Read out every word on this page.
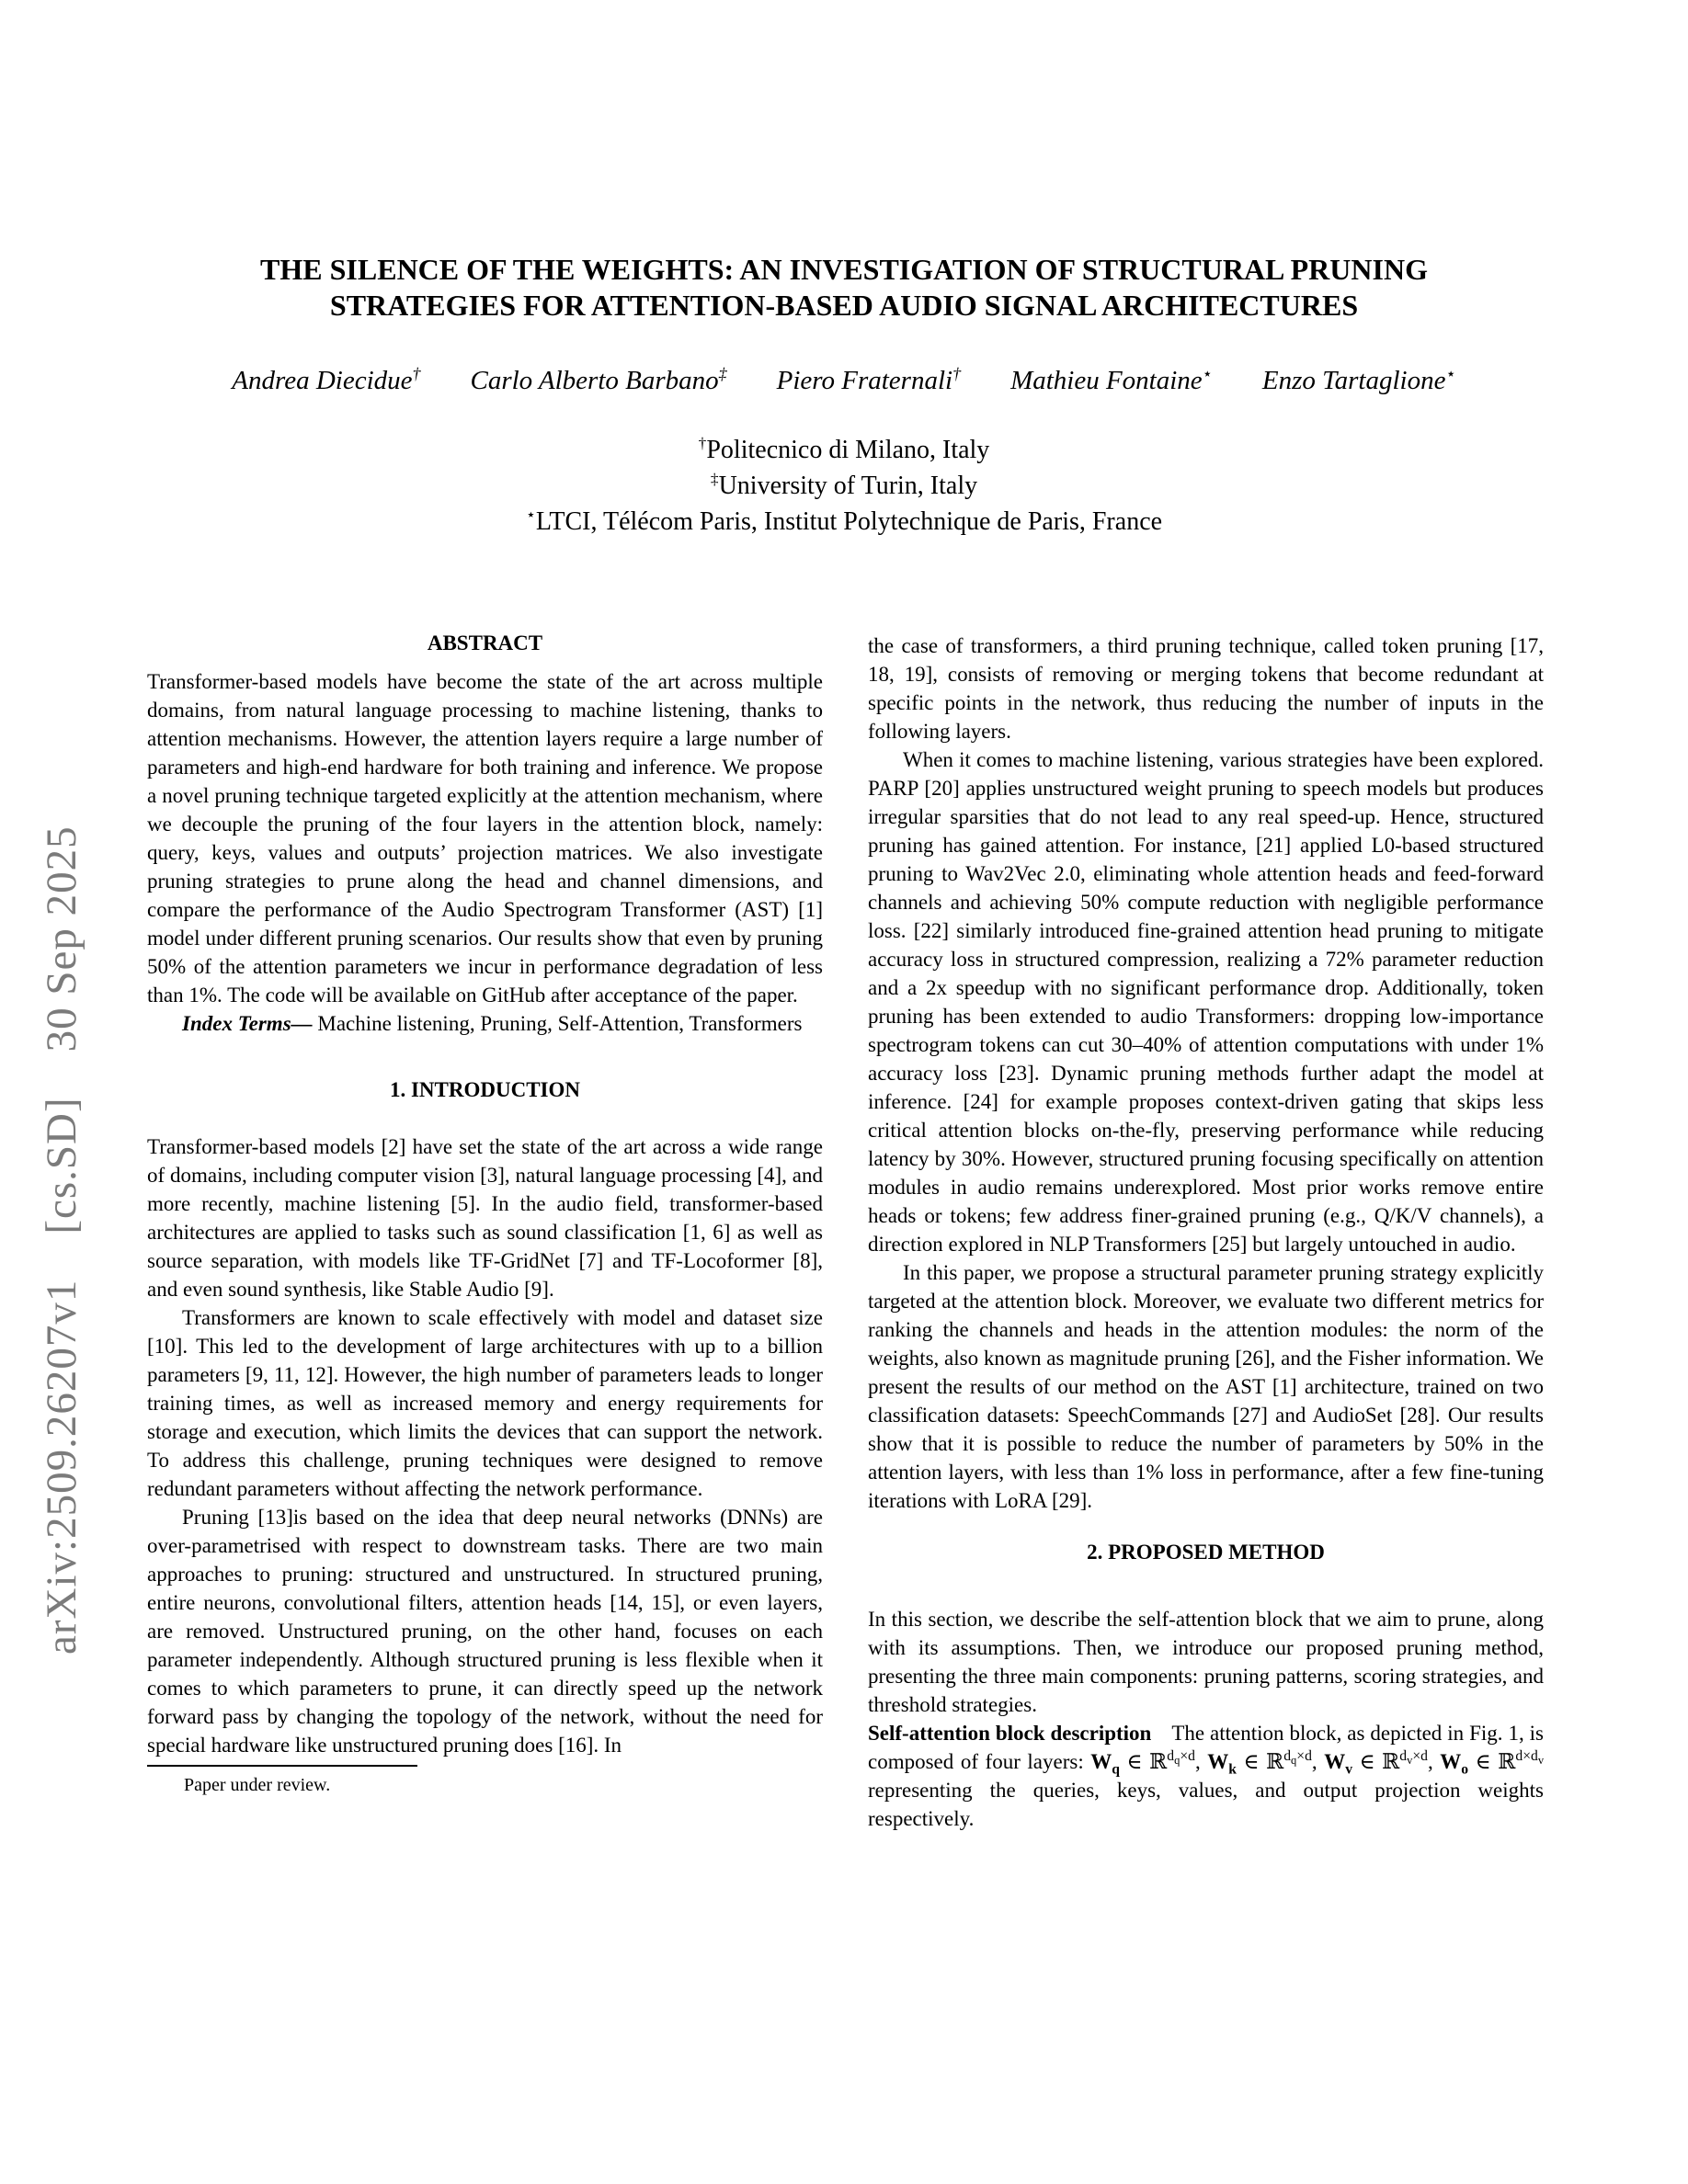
arXiv:2509.26207v1  [cs.SD]  30 Sep 2025
THE SILENCE OF THE WEIGHTS: AN INVESTIGATION OF STRUCTURAL PRUNING
STRATEGIES FOR ATTENTION-BASED AUDIO SIGNAL ARCHITECTURES
Andrea Diecidue† Carlo Alberto Barbano‡ Piero Fraternali† Mathieu Fontaine⋆ Enzo Tartaglione⋆
†Politecnico di Milano, Italy
‡University of Turin, Italy
⋆LTCI, Télécom Paris, Institut Polytechnique de Paris, France
ABSTRACT

Transformer-based models have become the state of the art across multiple domains, from natural language processing to machine listening, thanks to attention mechanisms. However, the attention layers require a large number of parameters and high-end hardware for both training and inference. We propose a novel pruning technique targeted explicitly at the attention mechanism, where we decouple the pruning of the four layers in the attention block, namely: query, keys, values and outputs’ projection matrices. We also investigate pruning strategies to prune along the head and channel dimensions, and compare the performance of the Audio Spectrogram Transformer (AST) [1] model under different pruning scenarios. Our results show that even by pruning 50% of the attention parameters we incur in performance degradation of less than 1%. The code will be available on GitHub after acceptance of the paper.

Index Terms— Machine listening, Pruning, Self-Attention, Transformers

1. INTRODUCTION

Transformer-based models [2] have set the state of the art across a wide range of domains, including computer vision [3], natural language processing [4], and more recently, machine listening [5]. In the audio field, transformer-based architectures are applied to tasks such as sound classification [1, 6] as well as source separation, with models like TF-GridNet [7] and TF-Locoformer [8], and even sound synthesis, like Stable Audio [9].

Transformers are known to scale effectively with model and dataset size [10]. This led to the development of large architectures with up to a billion parameters [9, 11, 12]. However, the high number of parameters leads to longer training times, as well as increased memory and energy requirements for storage and execution, which limits the devices that can support the network. To address this challenge, pruning techniques were designed to remove redundant parameters without affecting the network performance.

Pruning [13]is based on the idea that deep neural networks (DNNs) are over-parametrised with respect to downstream tasks. There are two main approaches to pruning: structured and unstructured. In structured pruning, entire neurons, convolutional filters, attention heads [14, 15], or even layers, are removed. Unstructured pruning, on the other hand, focuses on each parameter independently. Although structured pruning is less flexible when it comes to which parameters to prune, it can directly speed up the network forward pass by changing the topology of the network, without the need for special hardware like unstructured pruning does [16]. In

Paper under review.

the case of transformers, a third pruning technique, called token pruning [17, 18, 19], consists of removing or merging tokens that become redundant at specific points in the network, thus reducing the number of inputs in the following layers.

When it comes to machine listening, various strategies have been explored. PARP [20] applies unstructured weight pruning to speech models but produces irregular sparsities that do not lead to any real speed-up. Hence, structured pruning has gained attention. For instance, [21] applied L0-based structured pruning to Wav2Vec 2.0, eliminating whole attention heads and feed-forward channels and achieving 50% compute reduction with negligible performance loss. [22] similarly introduced fine-grained attention head pruning to mitigate accuracy loss in structured compression, realizing a 72% parameter reduction and a 2x speedup with no significant performance drop. Additionally, token pruning has been extended to audio Transformers: dropping low-importance spectrogram tokens can cut 30–40% of attention computations with under 1% accuracy loss [23]. Dynamic pruning methods further adapt the model at inference. [24] for example proposes context-driven gating that skips less critical attention blocks on-the-fly, preserving performance while reducing latency by 30%. However, structured pruning focusing specifically on attention modules in audio remains underexplored. Most prior works remove entire heads or tokens; few address finer-grained pruning (e.g., Q/K/V channels), a direction explored in NLP Transformers [25] but largely untouched in audio.

In this paper, we propose a structural parameter pruning strategy explicitly targeted at the attention block. Moreover, we evaluate two different metrics for ranking the channels and heads in the attention modules: the norm of the weights, also known as magnitude pruning [26], and the Fisher information. We present the results of our method on the AST [1] architecture, trained on two classification datasets: SpeechCommands [27] and AudioSet [28]. Our results show that it is possible to reduce the number of parameters by 50% in the attention layers, with less than 1% loss in performance, after a few fine-tuning iterations with LoRA [29].

2. PROPOSED METHOD

In this section, we describe the self-attention block that we aim to prune, along with its assumptions. Then, we introduce our proposed pruning method, presenting the three main components: pruning patterns, scoring strategies, and threshold strategies.

Self-attention block description The attention block, as depicted in Fig. 1, is composed of four layers: $W_q$ ∈ ℝ$^{d_q\times d}$, $W_k$ ∈ ℝ$^{d_q\times d}$, $W_v$ ∈ ℝ$^{d_v\times d}$, $W_o$ ∈ ℝ$^{d\times d_v}$ representing the queries, keys, values, and output projection weights respectively.
